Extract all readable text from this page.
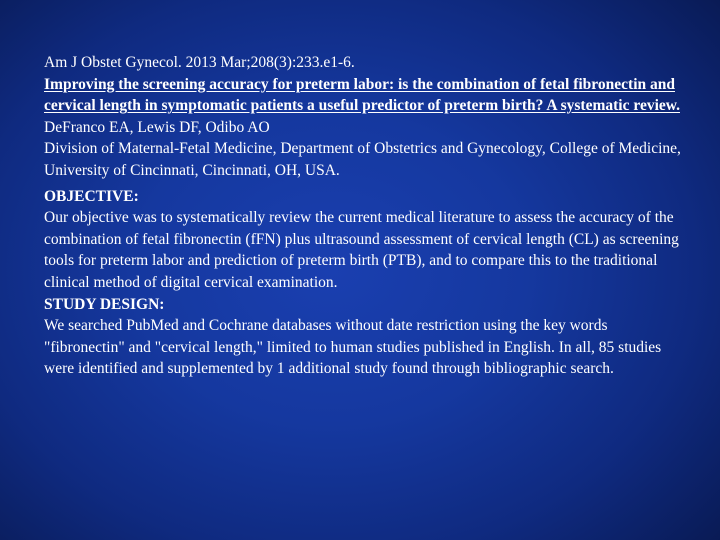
Am J Obstet Gynecol. 2013 Mar;208(3):233.e1-6.

Improving the screening accuracy for preterm labor: is the combination of fetal fibronectin and cervical length in symptomatic patients a useful predictor of preterm birth? A systematic review.

DeFranco EA, Lewis DF, Odibo AO

Division of Maternal-Fetal Medicine, Department of Obstetrics and Gynecology, College of Medicine, University of Cincinnati, Cincinnati, OH, USA.

OBJECTIVE:

Our objective was to systematically review the current medical literature to assess the accuracy of the combination of fetal fibronectin (fFN) plus ultrasound assessment of cervical length (CL) as screening tools for preterm labor and prediction of preterm birth (PTB), and to compare this to the traditional clinical method of digital cervical examination.

STUDY DESIGN:

We searched PubMed and Cochrane databases without date restriction using the key words "fibronectin" and "cervical length," limited to human studies published in English. In all, 85 studies were identified and supplemented by 1 additional study found through bibliographic search.
